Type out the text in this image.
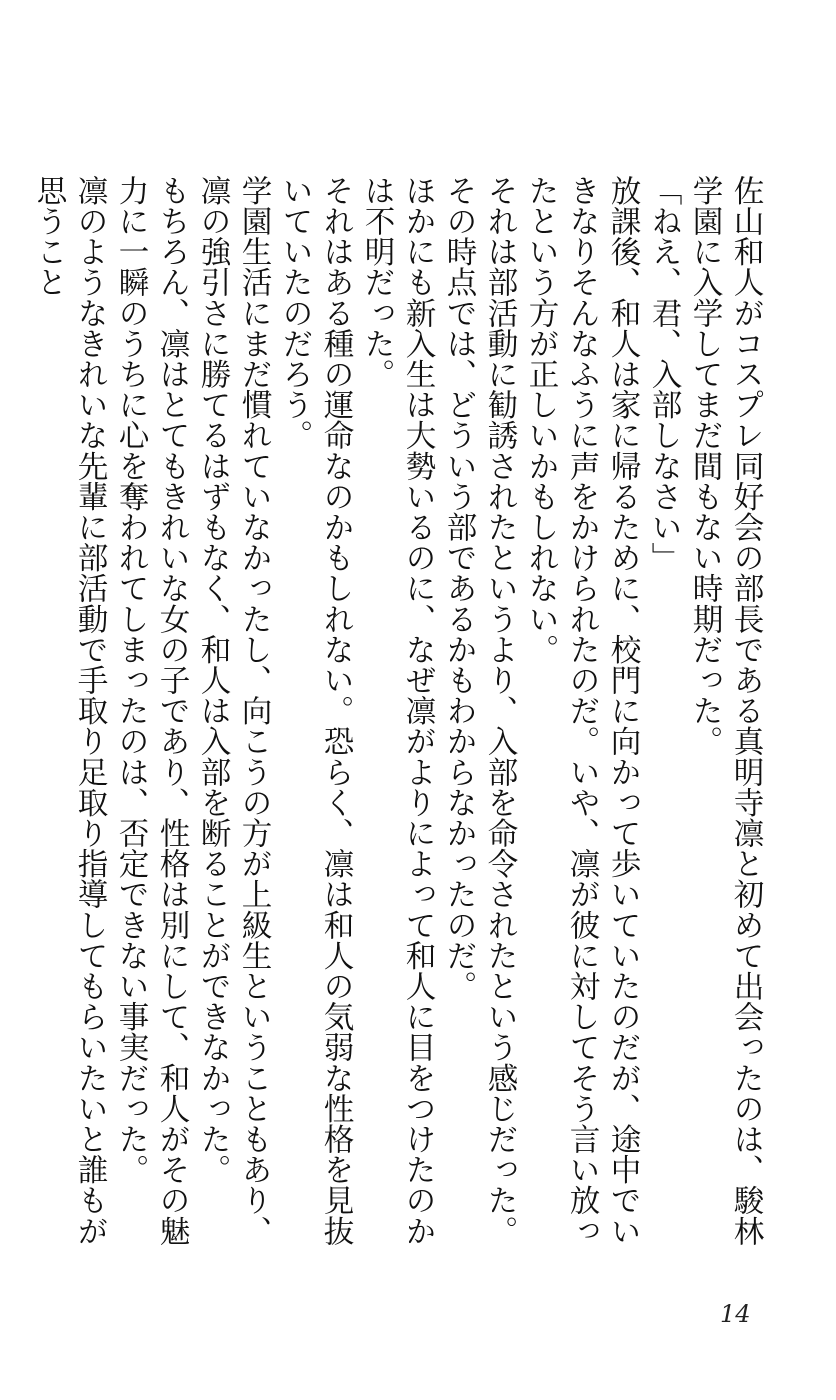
佐山和人がコスプレ同好会の部長である真明寺凛と初めて出会ったのは、駿林学園に入学してまだ間もない時期だった。

「ねえ、君、入部しなさい」

放課後、和人は家に帰るために、校門に向かって歩いていたのだが、途中でいきなりそんなふうに声をかけられたのだ。いや、凛が彼に対してそう言い放ったという方が正しいかもしれない。

それは部活動に勧誘されたというより、入部を命令されたという感じだった。その時点では、どういう部であるかもわからなかったのだ。

ほかにも新入生は大勢いるのに、なぜ凛がよりによって和人に目をつけたのかは不明だった。

それはある種の運命なのかもしれない。恐らく、凛は和人の気弱な性格を見抜いていたのだろう。

学園生活にまだ慣れていなかったし、向こうの方が上級生ということもあり、凛の強引さに勝てるはずもなく、和人は入部を断ることができなかった。

もちろん、凛はとてもきれいな女の子であり、性格は別にして、和人がその魅力に一瞬のうちに心を奪われてしまったのは、否定できない事実だった。

凛のようなきれいな先輩に部活動で手取り足取り指導してもらいたいと誰もが思うこと

14
